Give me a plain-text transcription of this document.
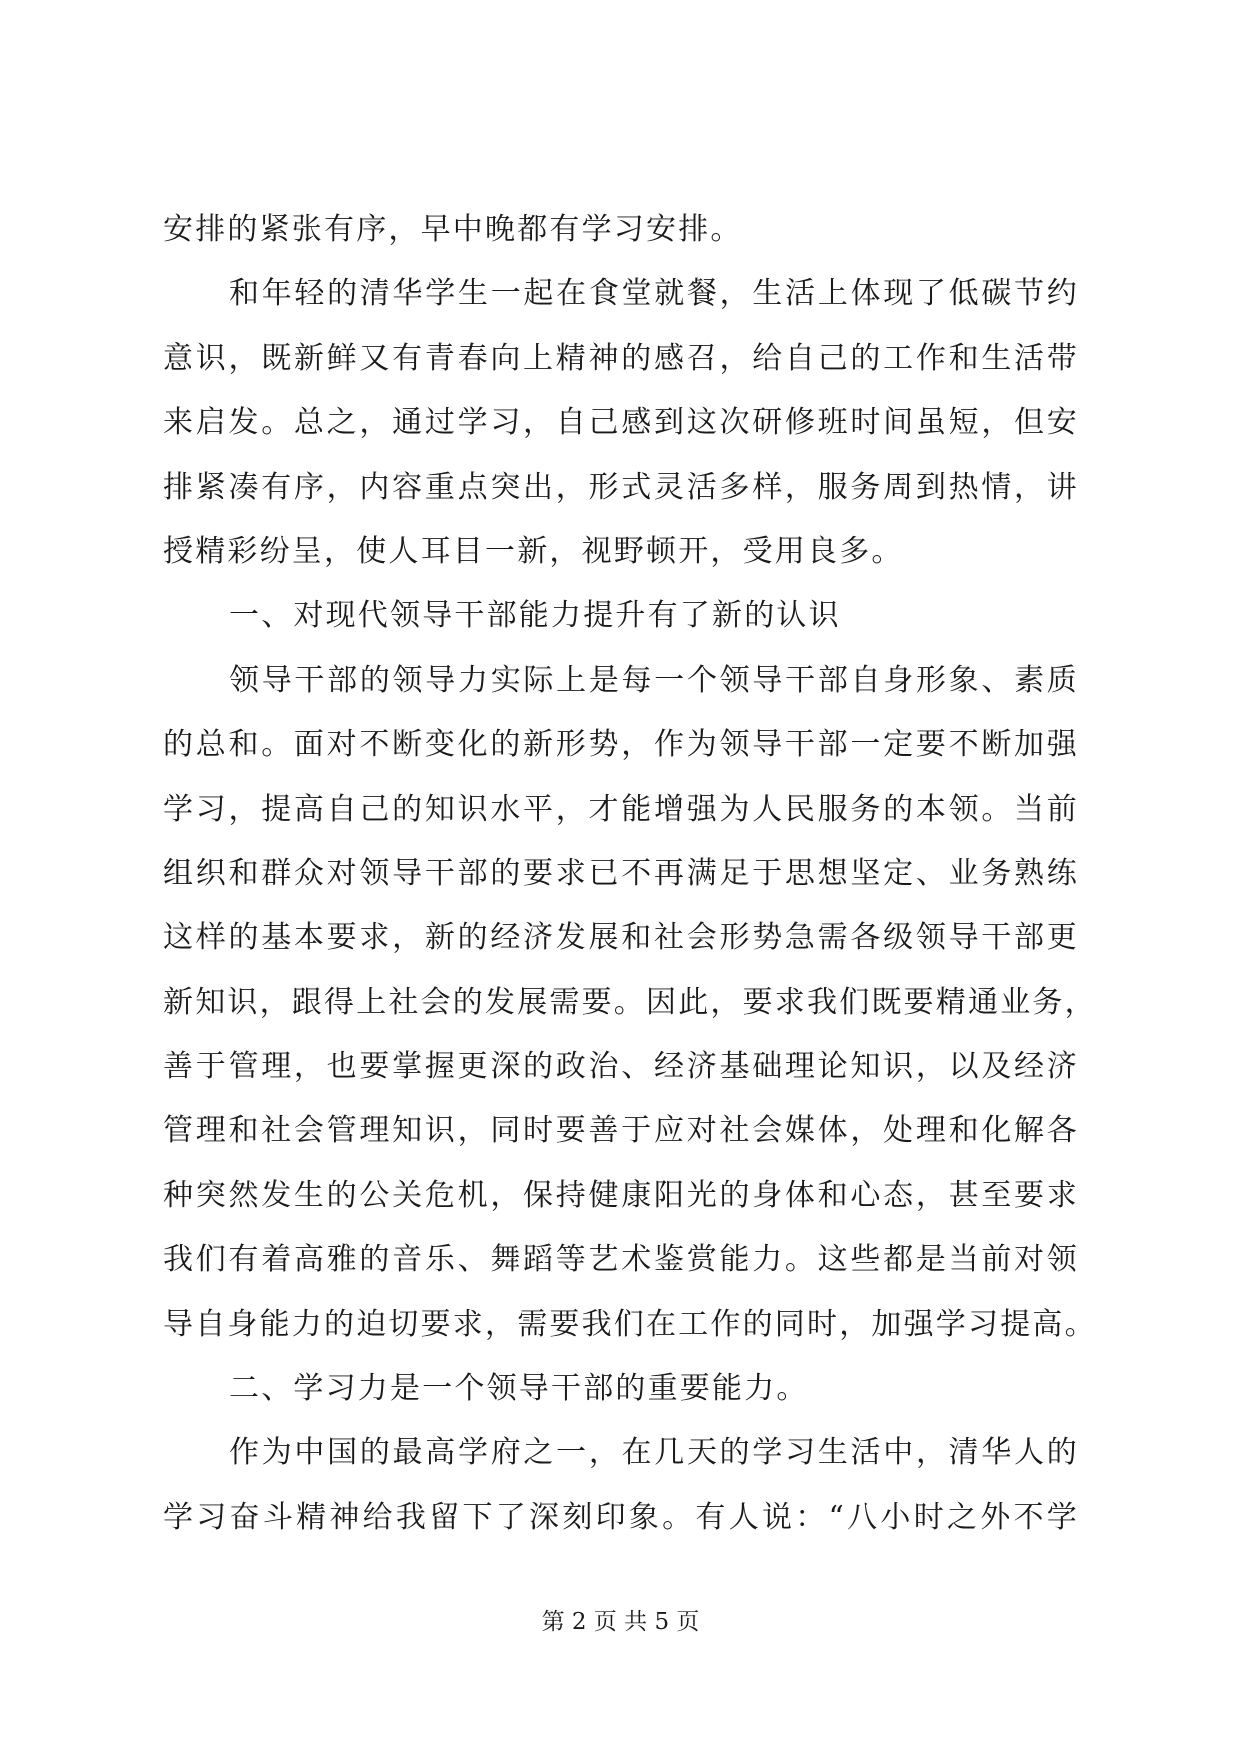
安排的紧张有序，早中晚都有学习安排。
和年轻的清华学生一起在食堂就餐，生活上体现了低碳节约
意识，既新鲜又有青春向上精神的感召，给自己的工作和生活带
来启发。总之，通过学习，自己感到这次研修班时间虽短，但安
排紧凑有序，内容重点突出，形式灵活多样，服务周到热情，讲
授精彩纷呈，使人耳目一新，视野顿开，受用良多。
一、对现代领导干部能力提升有了新的认识
领导干部的领导力实际上是每一个领导干部自身形象、素质
的总和。面对不断变化的新形势，作为领导干部一定要不断加强
学习，提高自己的知识水平，才能增强为人民服务的本领。当前
组织和群众对领导干部的要求已不再满足于思想坚定、业务熟练
这样的基本要求，新的经济发展和社会形势急需各级领导干部更
新知识，跟得上社会的发展需要。因此，要求我们既要精通业务，
善于管理，也要掌握更深的政治、经济基础理论知识，以及经济
管理和社会管理知识，同时要善于应对社会媒体，处理和化解各
种突然发生的公关危机，保持健康阳光的身体和心态，甚至要求
我们有着高雅的音乐、舞蹈等艺术鉴赏能力。这些都是当前对领
导自身能力的迫切要求，需要我们在工作的同时，加强学习提高。
二、学习力是一个领导干部的重要能力。
作为中国的最高学府之一，在几天的学习生活中，清华人的
学习奋斗精神给我留下了深刻印象。有人说：“八小时之外不学
第 2 页 共 5 页
